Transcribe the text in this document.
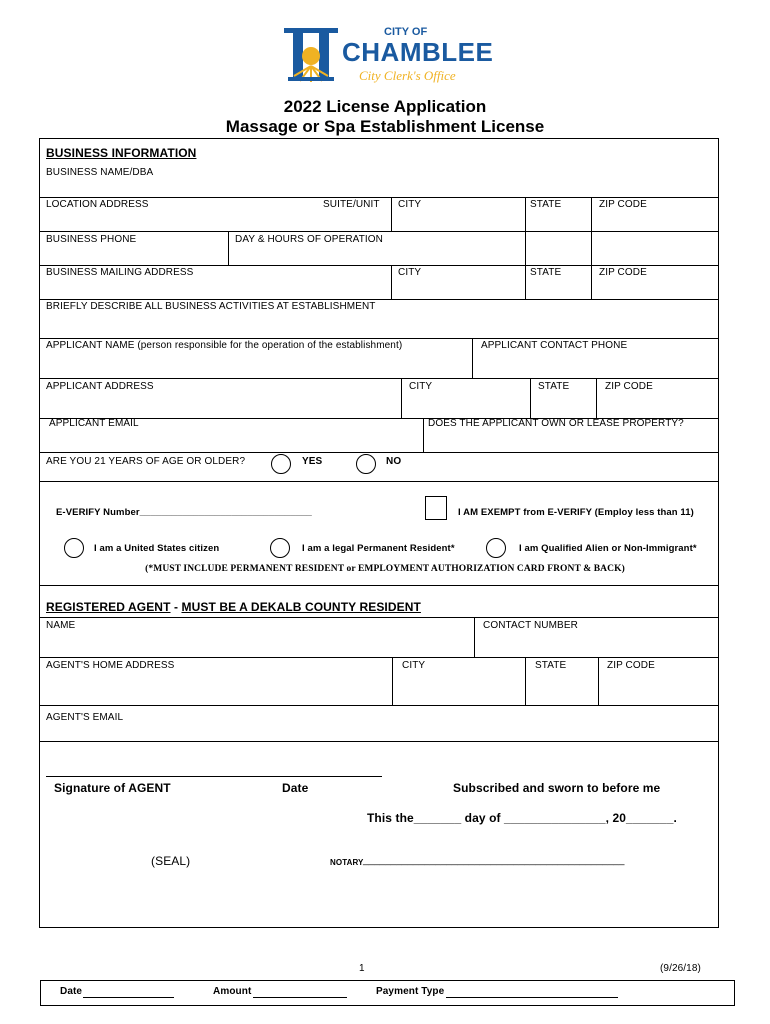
CITY OF
CHAMBLEE
City Clerk's Office
2022 License Application
Massage or Spa Establishment License
BUSINESS INFORMATION
BUSINESS NAME/DBA
LOCATION ADDRESS	SUITE/UNIT CITY	STATE	ZIP CODE
BUSINESS PHONE	DAY & HOURS OF OPERATION
BUSINESS MAILING ADDRESS	CITY	STATE	ZIP CODE
BRIEFLY DESCRIBE ALL BUSINESS ACTIVITIES AT ESTABLISHMENT
APPLICANT NAME (person responsible for the operation of the establishment)	APPLICANT CONTACT PHONE
APPLICANT ADDRESS	CITY	STATE	ZIP CODE
APPLICANT EMAIL	DOES THE APPLICANT OWN OR LEASE PROPERTY?
ARE YOU 21 YEARS OF AGE OR OLDER?	YES	NO
E-VERIFY Number________________________________	I AM EXEMPT from E-VERIFY (Employ less than 11)
I am a United States citizen	I am a legal Permanent Resident*	I am Qualified Alien or Non-Immigrant*
(*MUST INCLUDE PERMANENT RESIDENT or EMPLOYMENT AUTHORIZATION CARD FRONT & BACK)
REGISTERED AGENT - MUST BE A DEKALB COUNTY RESIDENT
NAME	CONTACT NUMBER
AGENT'S HOME ADDRESS	CITY	STATE	ZIP CODE
AGENT'S EMAIL
Signature of AGENT	Date	Subscribed and sworn to before me
This the_______ day of _______________, 20_______.
(SEAL)	NOTARY _______________________________________________
1	(9/26/18)
Date	Amount	Payment Type
